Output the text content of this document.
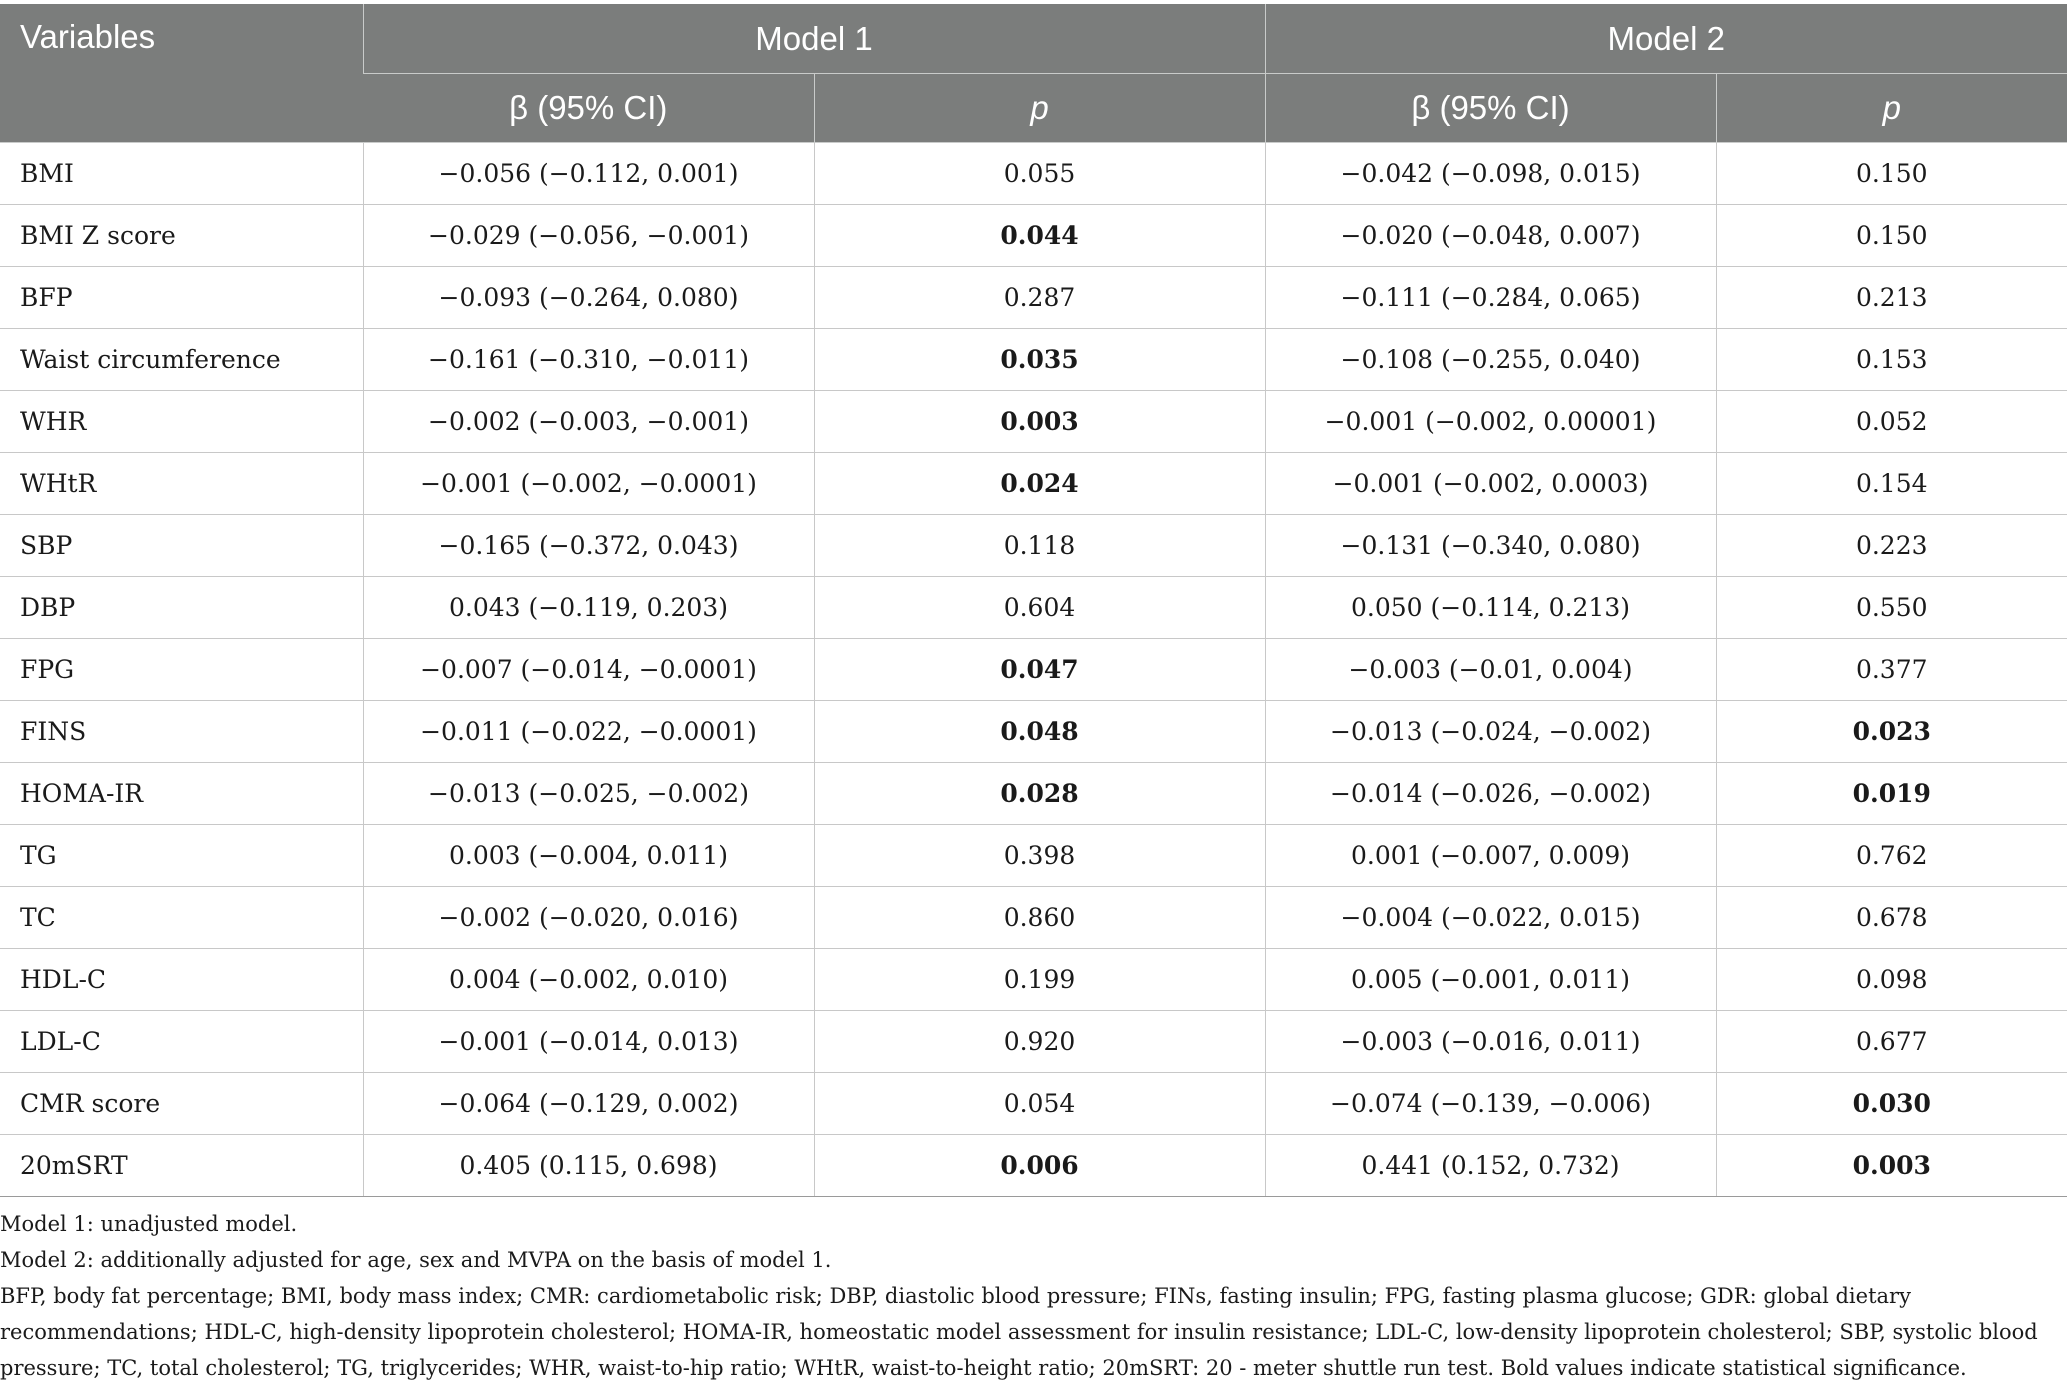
Variables	Model 1		Model 2	
	β (95% CI)	p	β (95% CI)	p
BMI	−0.056 (−0.112, 0.001)	0.055	−0.042 (−0.098, 0.015)	0.150
BMI Z score	−0.029 (−0.056, −0.001)	0.044	−0.020 (−0.048, 0.007)	0.150
BFP	−0.093 (−0.264, 0.080)	0.287	−0.111 (−0.284, 0.065)	0.213
Waist circumference	−0.161 (−0.310, −0.011)	0.035	−0.108 (−0.255, 0.040)	0.153
WHR	−0.002 (−0.003, −0.001)	0.003	−0.001 (−0.002, 0.00001)	0.052
WHtR	−0.001 (−0.002, −0.0001)	0.024	−0.001 (−0.002, 0.0003)	0.154
SBP	−0.165 (−0.372, 0.043)	0.118	−0.131 (−0.340, 0.080)	0.223
DBP	0.043 (−0.119, 0.203)	0.604	0.050 (−0.114, 0.213)	0.550
FPG	−0.007 (−0.014, −0.0001)	0.047	−0.003 (−0.01, 0.004)	0.377
FINS	−0.011 (−0.022, −0.0001)	0.048	−0.013 (−0.024, −0.002)	0.023
HOMA-IR	−0.013 (−0.025, −0.002)	0.028	−0.014 (−0.026, −0.002)	0.019
TG	0.003 (−0.004, 0.011)	0.398	0.001 (−0.007, 0.009)	0.762
TC	−0.002 (−0.020, 0.016)	0.860	−0.004 (−0.022, 0.015)	0.678
HDL-C	0.004 (−0.002, 0.010)	0.199	0.005 (−0.001, 0.011)	0.098
LDL-C	−0.001 (−0.014, 0.013)	0.920	−0.003 (−0.016, 0.011)	0.677
CMR score	−0.064 (−0.129, 0.002)	0.054	−0.074 (−0.139, −0.006)	0.030
20mSRT	0.405 (0.115, 0.698)	0.006	0.441 (0.152, 0.732)	0.003

Model 1: unadjusted model.

Model 2: additionally adjusted for age, sex and MVPA on the basis of model 1.

BFP, body fat percentage; BMI, body mass index; CMR: cardiometabolic risk; DBP, diastolic blood pressure; FINs, fasting insulin; FPG, fasting plasma glucose; GDR: global dietary recommendations; HDL-C, high-density lipoprotein cholesterol; HOMA-IR, homeostatic model assessment for insulin resistance; LDL-C, low-density lipoprotein cholesterol; SBP, systolic blood pressure; TC, total cholesterol; TG, triglycerides; WHR, waist-to-hip ratio; WHtR, waist-to-height ratio; 20mSRT: 20 - meter shuttle run test. Bold values indicate statistical significance.
